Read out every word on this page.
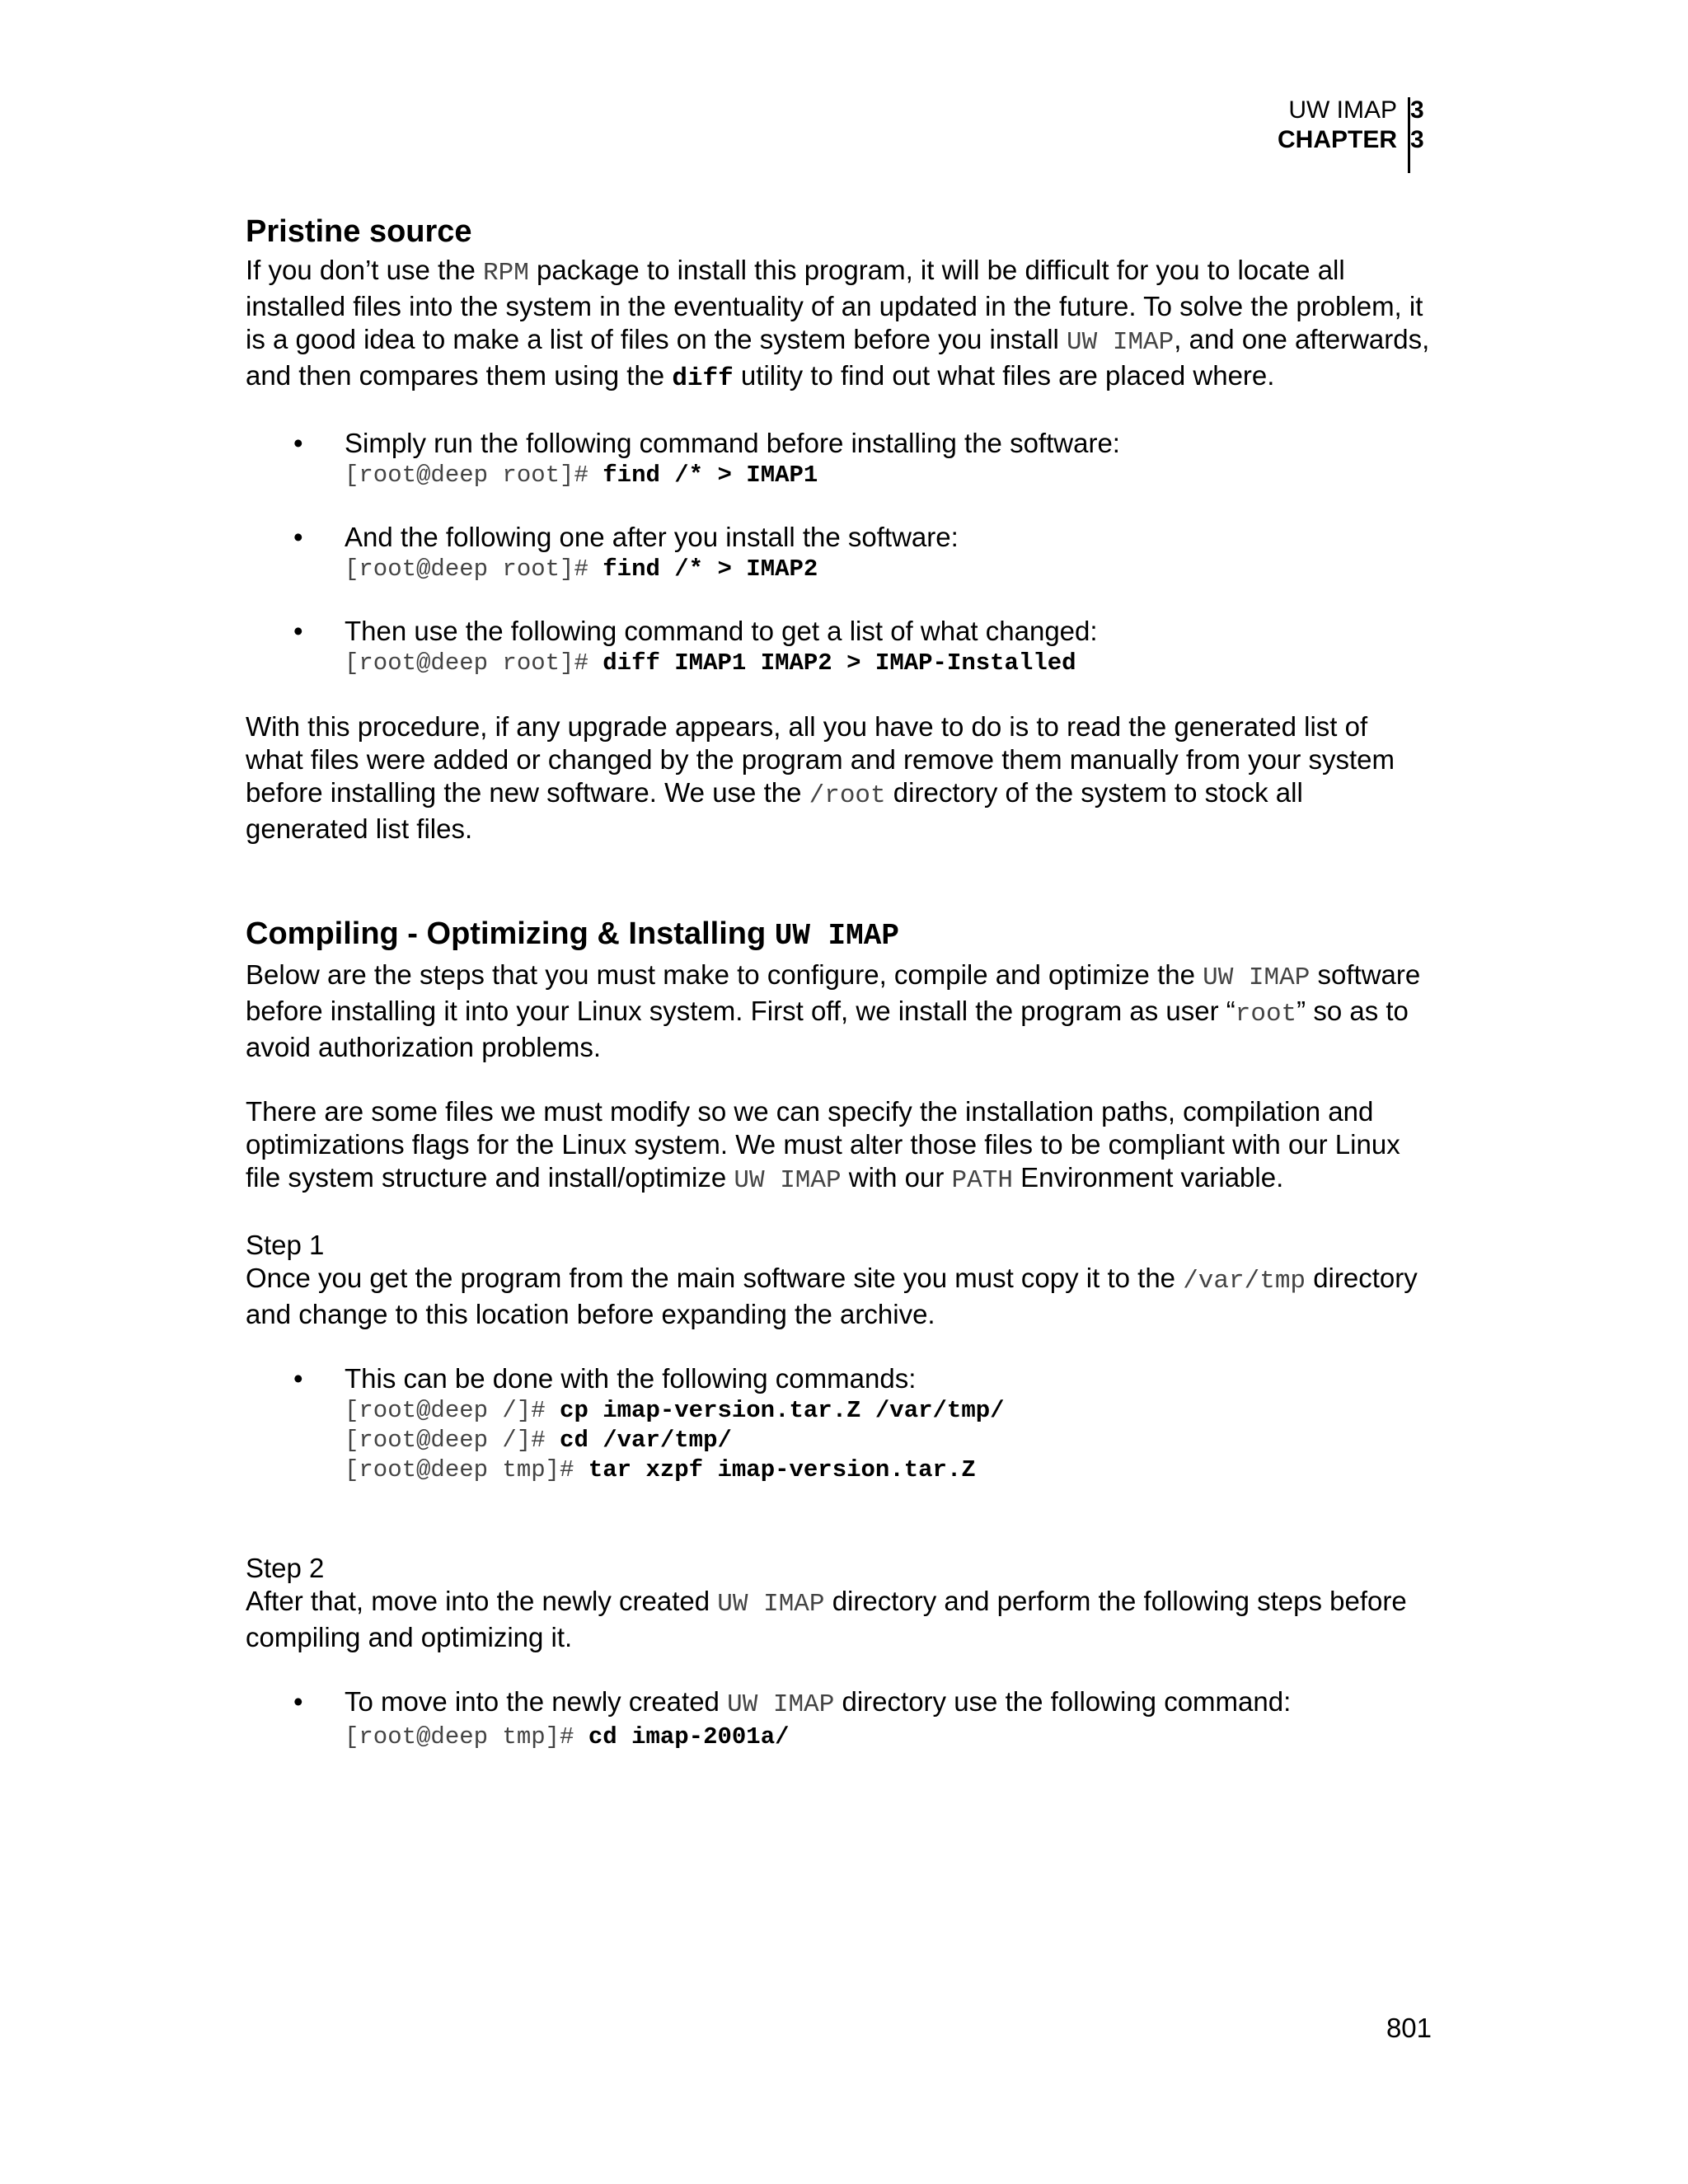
UW IMAP 3
CHAPTER 3
Pristine source

If you don’t use the RPM package to install this program, it will be difficult for you to locate all installed files into the system in the eventuality of an updated in the future. To solve the problem, it is a good idea to make a list of files on the system before you install UW IMAP, and one afterwards, and then compares them using the diff utility to find out what files are placed where.

• Simply run the following command before installing the software:
[root@deep root]# find /* > IMAP1
• And the following one after you install the software:
[root@deep root]# find /* > IMAP2
• Then use the following command to get a list of what changed:
[root@deep root]# diff IMAP1 IMAP2 > IMAP-Installed

With this procedure, if any upgrade appears, all you have to do is to read the generated list of what files were added or changed by the program and remove them manually from your system before installing the new software. We use the /root directory of the system to stock all generated list files.

Compiling - Optimizing & Installing UW IMAP

Below are the steps that you must make to configure, compile and optimize the UW IMAP software before installing it into your Linux system. First off, we install the program as user “root” so as to avoid authorization problems.

There are some files we must modify so we can specify the installation paths, compilation and optimizations flags for the Linux system. We must alter those files to be compliant with our Linux file system structure and install/optimize UW IMAP with our PATH Environment variable.

Step 1

Once you get the program from the main software site you must copy it to the /var/tmp directory and change to this location before expanding the archive.

• This can be done with the following commands:
[root@deep /]# cp imap-version.tar.Z /var/tmp/
[root@deep /]# cd /var/tmp/
[root@deep tmp]# tar xzpf imap-version.tar.Z

Step 2

After that, move into the newly created UW IMAP directory and perform the following steps before compiling and optimizing it.

• To move into the newly created UW IMAP directory use the following command:
[root@deep tmp]# cd imap-2001a/
801
